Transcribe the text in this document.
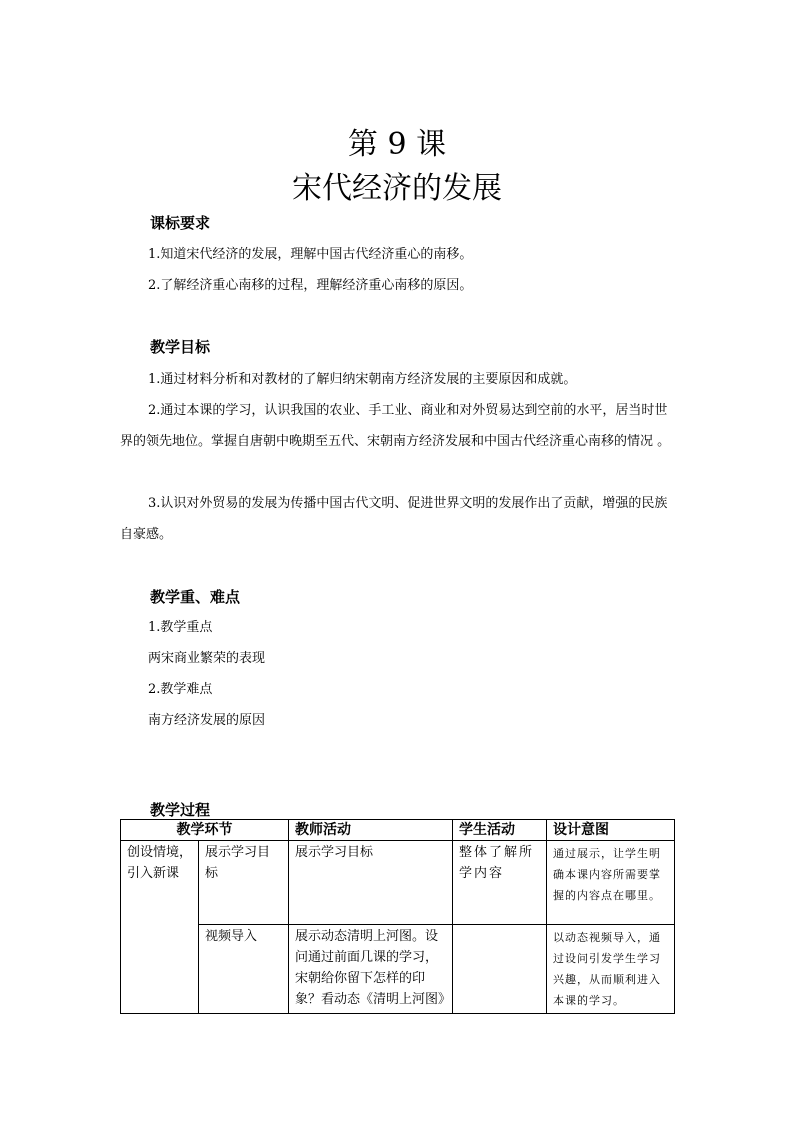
第 9 课
宋代经济的发展
课标要求
1.知道宋代经济的发展，理解中国古代经济重心的南移。
2.了解经济重心南移的过程，理解经济重心南移的原因。
教学目标
1.通过材料分析和对教材的了解归纳宋朝南方经济发展的主要原因和成就。
2.通过本课的学习，认识我国的农业、手工业、商业和对外贸易达到空前的水平，居当时世界的领先地位。掌握自唐朝中晚期至五代、宋朝南方经济发展和中国古代经济重心南移的情况 。
3.认识对外贸易的发展为传播中国古代文明、促进世界文明的发展作出了贡献，增强的民族自豪感。
教学重、难点
1.教学重点
两宋商业繁荣的表现
2.教学难点
南方经济发展的原因
教学过程
教学环节		教师活动	学生活动	设计意图
创设情境，引入新课	展示学习目标	展示学习目标	整体了解所学内容	通过展示，让学生明确本课内容所需要掌握的内容点在哪里。
	视频导入	展示动态清明上河图。设问通过前面几课的学习，宋朝给你留下怎样的印象？看动态《清明上河图》		以动态视频导入，通过设问引发学生学习兴趣，从而顺利进入本课的学习。
